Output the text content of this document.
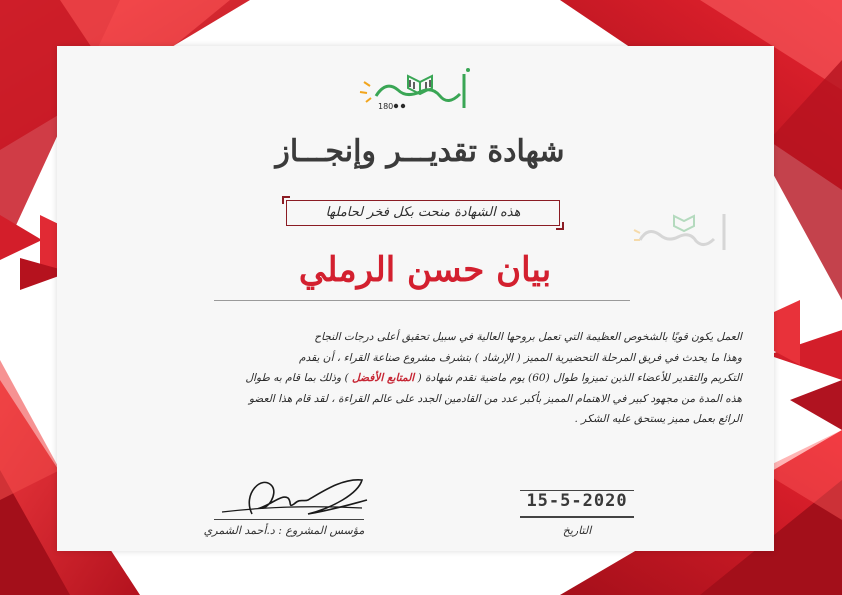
180
شهادة تقديـــر وإنجـــاز
هذه الشهادة منحت بكل فخر لحاملها
بيان حسن الرملي
العمل يكون قويًا بالشخوص العظيمة التي تعمل بروحها العالية في سبيل تحقيق أعلى درجات النجاح
وهذا ما يحدث في فريق المرحلة التحضيرية المميز ( الإرشاد ) بتشرف مشروع صناعة القراء ، أن يقدم
التكريم والتقدير للأعضاء الذين تميزوا طوال (60) يوم ماضية نقدم شهادة ( المتابع الأفضل ) وذلك بما قام به طوال
هذه المدة من مجهود كبير في الاهتمام المميز بأكبر عدد من القادمين الجدد على عالم القراءة ، لقد قام هذا العضو
الرائع بعمل مميز يستحق عليه الشكر .
مؤسس المشروع : د.أحمد الشمري
15-5-2020
التاريخ
